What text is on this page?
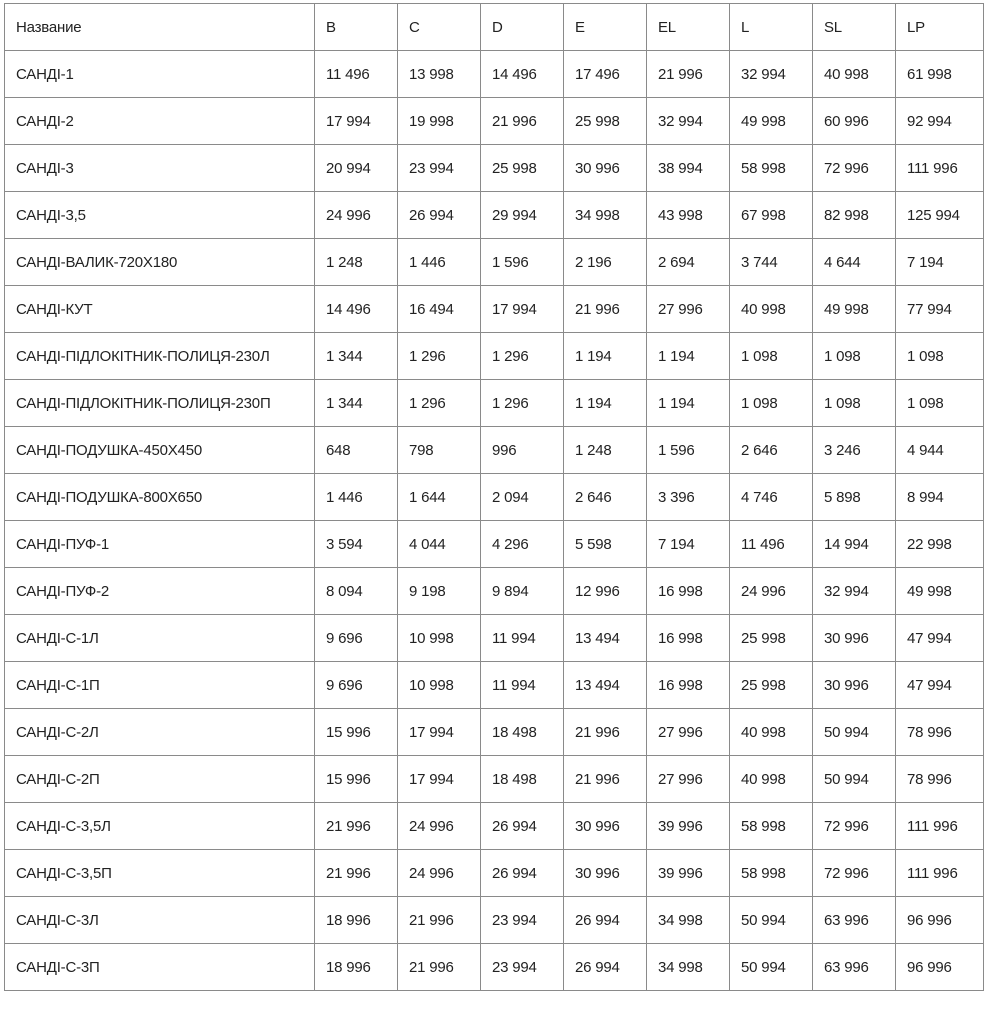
Название	B	C	D	E	EL	L	SL	LP
САНДІ-1	11 496	13 998	14 496	17 496	21 996	32 994	40 998	61 998
САНДІ-2	17 994	19 998	21 996	25 998	32 994	49 998	60 996	92 994
САНДІ-3	20 994	23 994	25 998	30 996	38 994	58 998	72 996	111 996
САНДІ-3,5	24 996	26 994	29 994	34 998	43 998	67 998	82 998	125 994
САНДІ-ВАЛИК-720Х180	1 248	1 446	1 596	2 196	2 694	3 744	4 644	7 194
САНДІ-КУТ	14 496	16 494	17 994	21 996	27 996	40 998	49 998	77 994
САНДІ-ПІДЛОКІТНИК-ПОЛИЦЯ-230Л	1 344	1 296	1 296	1 194	1 194	1 098	1 098	1 098
САНДІ-ПІДЛОКІТНИК-ПОЛИЦЯ-230П	1 344	1 296	1 296	1 194	1 194	1 098	1 098	1 098
САНДІ-ПОДУШКА-450Х450	648	798	996	1 248	1 596	2 646	3 246	4 944
САНДІ-ПОДУШКА-800Х650	1 446	1 644	2 094	2 646	3 396	4 746	5 898	8 994
САНДІ-ПУФ-1	3 594	4 044	4 296	5 598	7 194	11 496	14 994	22 998
САНДІ-ПУФ-2	8 094	9 198	9 894	12 996	16 998	24 996	32 994	49 998
САНДІ-С-1Л	9 696	10 998	11 994	13 494	16 998	25 998	30 996	47 994
САНДІ-С-1П	9 696	10 998	11 994	13 494	16 998	25 998	30 996	47 994
САНДІ-С-2Л	15 996	17 994	18 498	21 996	27 996	40 998	50 994	78 996
САНДІ-С-2П	15 996	17 994	18 498	21 996	27 996	40 998	50 994	78 996
САНДІ-С-3,5Л	21 996	24 996	26 994	30 996	39 996	58 998	72 996	111 996
САНДІ-С-3,5П	21 996	24 996	26 994	30 996	39 996	58 998	72 996	111 996
САНДІ-С-3Л	18 996	21 996	23 994	26 994	34 998	50 994	63 996	96 996
САНДІ-С-3П	18 996	21 996	23 994	26 994	34 998	50 994	63 996	96 996
